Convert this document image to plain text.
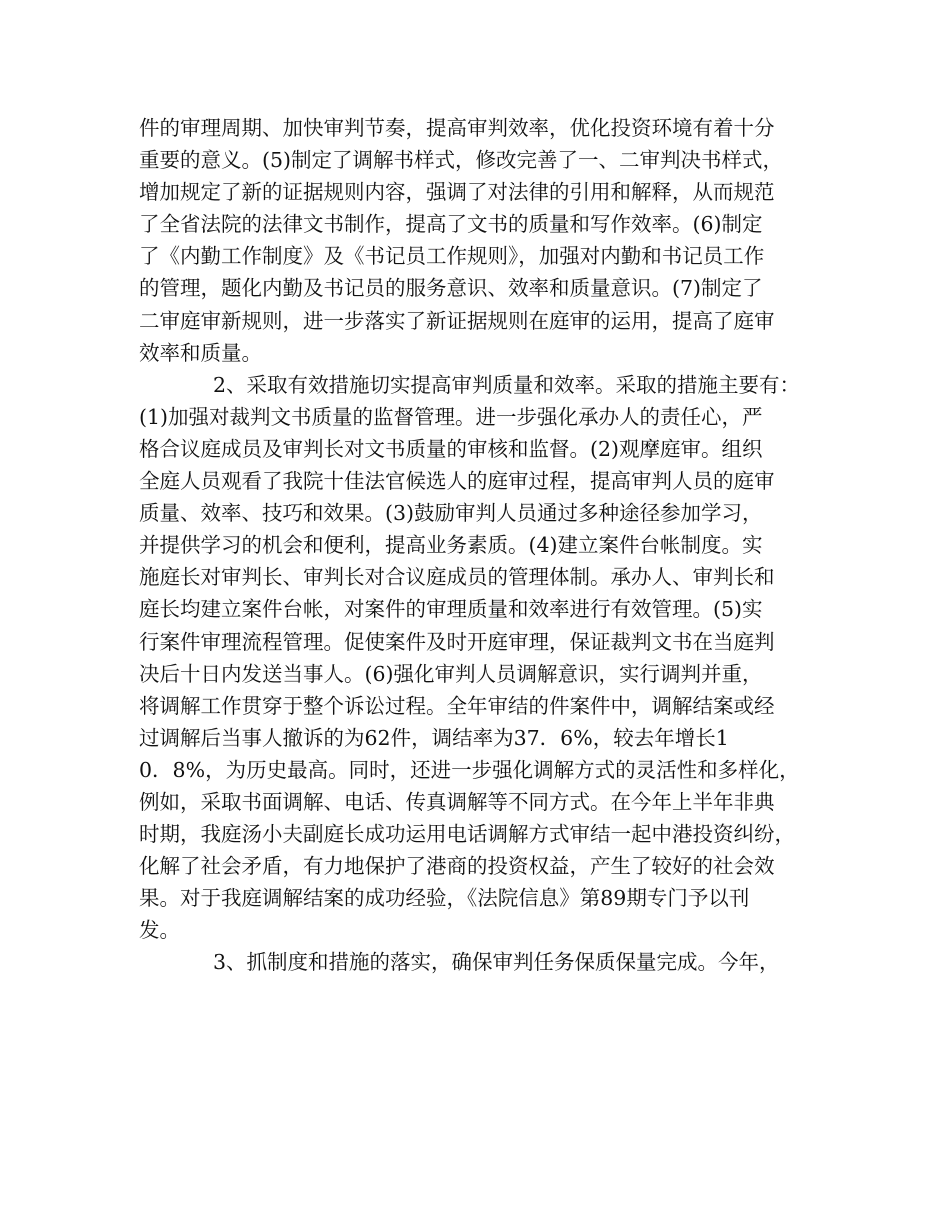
件的审理周期、加快审判节奏，提高审判效率，优化投资环境有着十分
重要的意义。(5)制定了调解书样式，修改完善了一、二审判决书样式，
增加规定了新的证据规则内容，强调了对法律的引用和解释，从而规范
了全省法院的法律文书制作，提高了文书的质量和写作效率。(6)制定
了《内勤工作制度》及《书记员工作规则》，加强对内勤和书记员工作
的管理，题化内勤及书记员的服务意识、效率和质量意识。(7)制定了
二审庭审新规则，进一步落实了新证据规则在庭审的运用，提高了庭审
效率和质量。
2、采取有效措施切实提高审判质量和效率。采取的措施主要有：
(1)加强对裁判文书质量的监督管理。进一步强化承办人的责任心，严
格合议庭成员及审判长对文书质量的审核和监督。(2)观摩庭审。组织
全庭人员观看了我院十佳法官候选人的庭审过程，提高审判人员的庭审
质量、效率、技巧和效果。(3)鼓励审判人员通过多种途径参加学习，
并提供学习的机会和便利，提高业务素质。(4)建立案件台帐制度。实
施庭长对审判长、审判长对合议庭成员的管理体制。承办人、审判长和
庭长均建立案件台帐，对案件的审理质量和效率进行有效管理。(5)实
行案件审理流程管理。促使案件及时开庭审理，保证裁判文书在当庭判
决后十日内发送当事人。(6)强化审判人员调解意识，实行调判并重，
将调解工作贯穿于整个诉讼过程。全年审结的件案件中，调解结案或经
过调解后当事人撤诉的为62件，调结率为37．6%，较去年增长1
0．8%，为历史最高。同时，还进一步强化调解方式的灵活性和多样化，
例如，采取书面调解、电话、传真调解等不同方式。在今年上半年非典
时期，我庭汤小夫副庭长成功运用电话调解方式审结一起中港投资纠纷，
化解了社会矛盾，有力地保护了港商的投资权益，产生了较好的社会效
果。对于我庭调解结案的成功经验，《法院信息》第89期专门予以刊
发。
3、抓制度和措施的落实，确保审判任务保质保量完成。今年，
